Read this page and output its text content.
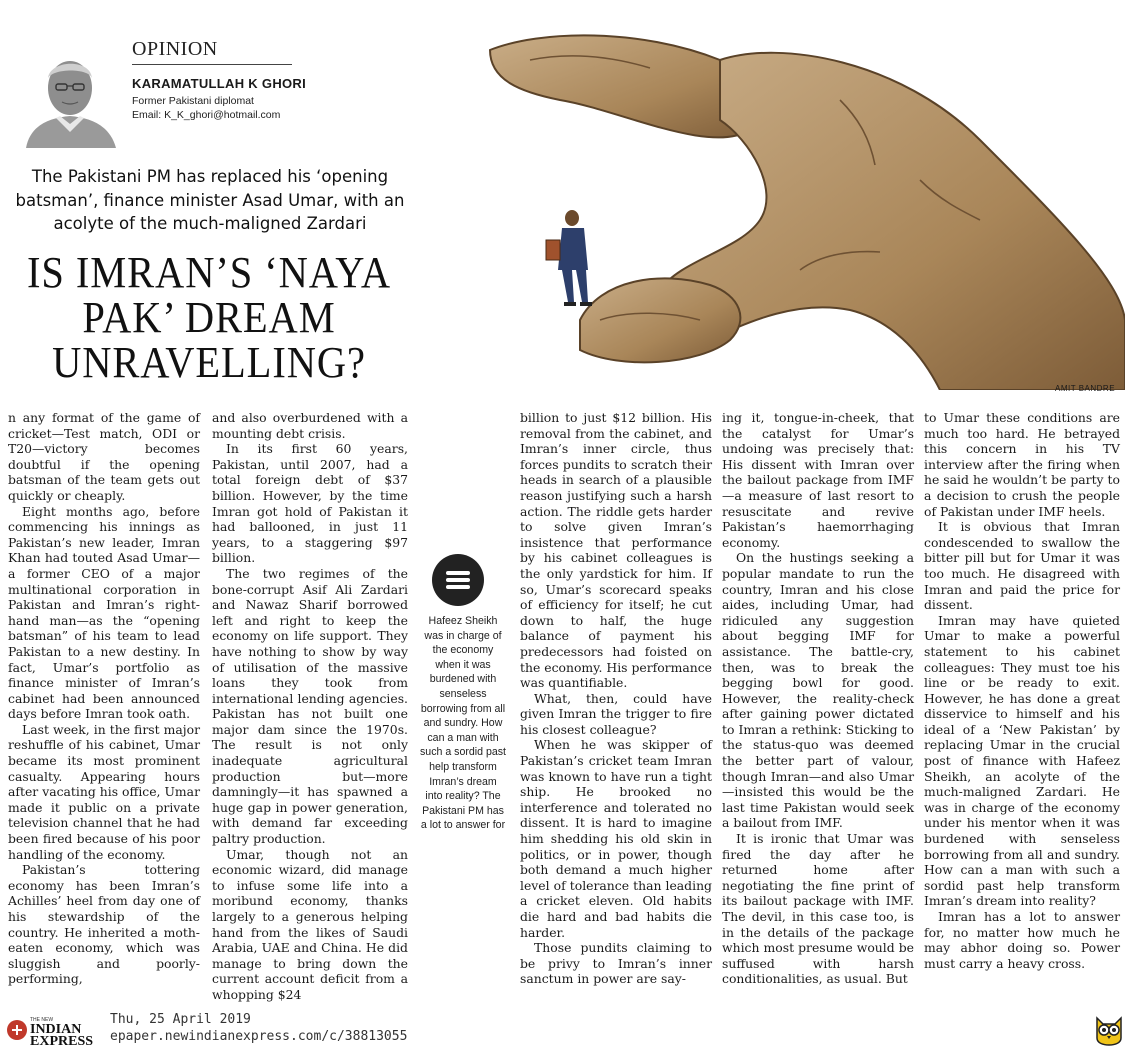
OPINION
KARAMATULLAH K GHORI
Former Pakistani diplomat
Email: K_K_ghori@hotmail.com
The Pakistani PM has replaced his ‘opening batsman’, finance minister Asad Umar, with an acolyte of the much-maligned Zardari
IS IMRAN’S ‘NAYA PAK’ DREAM UNRAVELLING?
AMIT BANDRE

n any format of the game of cricket—Test match, ODI or T20—victory becomes doubtful if the opening batsman of the team gets out quickly or cheaply.

Eight months ago, before commencing his innings as Pakistan’s new leader, Imran Khan had touted Asad Umar—a former CEO of a major multinational corporation in Pakistan and Imran’s right-hand man—as the “opening batsman” of his team to lead Pakistan to a new destiny. In fact, Umar’s portfolio as finance minister of Imran’s cabinet had been announced days before Imran took oath.

Last week, in the first major reshuffle of his cabinet, Umar became its most prominent casualty. Appearing hours after vacating his office, Umar made it public on a private television channel that he had been fired because of his poor handling of the economy.

Pakistan’s tottering economy has been Imran’s Achilles’ heel from day one of his stewardship of the country. He inherited a moth-eaten economy, which was sluggish and poorly-performing,

and also overburdened with a mounting debt crisis.

In its first 60 years, Pakistan, until 2007, had a total foreign debt of $37 billion. However, by the time Imran got hold of Pakistan it had ballooned, in just 11 years, to a staggering $97 billion.

The two regimes of the bone-corrupt Asif Ali Zardari and Nawaz Sharif borrowed left and right to keep the economy on life support. They have nothing to show by way of utilisation of the massive loans they took from international lending agencies. Pakistan has not built one major dam since the 1970s. The result is not only inadequate agricultural production but—more damningly—it has spawned a huge gap in power generation, with demand far exceeding paltry production.

Umar, though not an economic wizard, did manage to infuse some life into a moribund economy, thanks largely to a generous helping hand from the likes of Saudi Arabia, UAE and China. He did manage to bring down the current account deficit from a whopping $24

Hafeez Sheikh was in charge of the economy when it was burdened with senseless borrowing from all and sundry. How can a man with such a sordid past help transform Imran’s dream into reality? The Pakistani PM has a lot to answer for

billion to just $12 billion. His removal from the cabinet, and Imran’s inner circle, thus forces pundits to scratch their heads in search of a plausible reason justifying such a harsh action. The riddle gets harder to solve given Imran’s insistence that performance by his cabinet colleagues is the only yardstick for him. If so, Umar’s scorecard speaks of efficiency for itself; he cut down to half, the huge balance of payment his predecessors had foisted on the economy. His performance was quantifiable.

What, then, could have given Imran the trigger to fire his closest colleague?

When he was skipper of Pakistan’s cricket team Imran was known to have run a tight ship. He brooked no interference and tolerated no dissent. It is hard to imagine him shedding his old skin in politics, or in power, though both demand a much higher level of tolerance than leading a cricket eleven. Old habits die hard and bad habits die harder.

Those pundits claiming to be privy to Imran’s inner sanctum in power are say-

ing it, tongue-in-cheek, that the catalyst for Umar’s undoing was precisely that: His dissent with Imran over the bailout package from IMF—a measure of last resort to resuscitate and revive Pakistan’s haemorrhaging economy.

On the hustings seeking a popular mandate to run the country, Imran and his close aides, including Umar, had ridiculed any suggestion about begging IMF for assistance. The battle-cry, then, was to break the begging bowl for good. However, the reality-check after gaining power dictated to Imran a rethink: Sticking to the status-quo was deemed the better part of valour, though Imran—and also Umar—insisted this would be the last time Pakistan would seek a bailout from IMF.

It is ironic that Umar was fired the day after he returned home after negotiating the fine print of its bailout package with IMF. The devil, in this case too, is in the details of the package which most presume would be suffused with harsh conditionalities, as usual. But

to Umar these conditions are much too hard. He betrayed this concern in his TV interview after the firing when he said he wouldn’t be party to a decision to crush the people of Pakistan under IMF heels.

It is obvious that Imran condescended to swallow the bitter pill but for Umar it was too much. He disagreed with Imran and paid the price for dissent.

Imran may have quieted Umar to make a powerful statement to his cabinet colleagues: They must toe his line or be ready to exit. However, he has done a great disservice to himself and his ideal of a ‘New Pakistan’ by replacing Umar in the crucial post of finance with Hafeez Sheikh, an acolyte of the much-maligned Zardari. He was in charge of the economy under his mentor when it was burdened with senseless borrowing from all and sundry. How can a man with such a sordid past help transform Imran’s dream into reality?

Imran has a lot to answer for, no matter how much he may abhor doing so. Power must carry a heavy cross.

THE NEW
INDIAN
EXPRESS
Thu, 25 April 2019
epaper.newindianexpress.com/c/38813055
